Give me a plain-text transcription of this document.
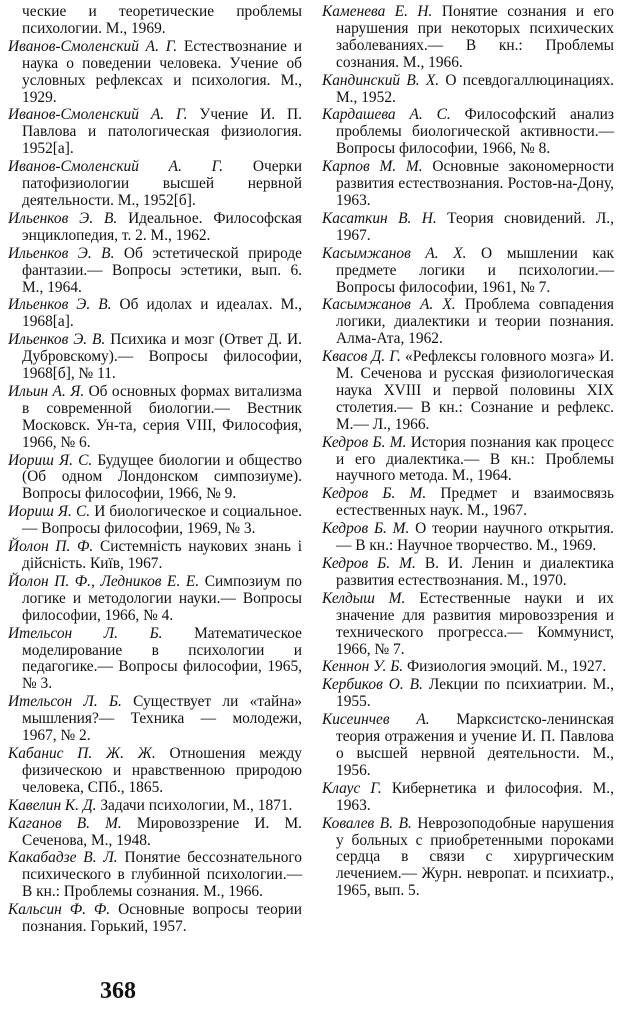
ческие и теоретические проблемы психологии. М., 1969.
Иванов-Смоленский А. Г. Естествознание и наука о поведении человека. Учение об условных рефлексах и психология. М., 1929.
Иванов-Смоленский А. Г. Учение И. П. Павлова и патологическая физиология. 1952[а].
Иванов-Смоленский А. Г. Очерки патофизиологии высшей нервной деятельности. М., 1952[б].
Ильенков Э. В. Идеальное. Философская энциклопедия, т. 2. М., 1962.
Ильенков Э. В. Об эстетической природе фантазии.— Вопросы эстетики, вып. 6. М., 1964.
Ильенков Э. В. Об идолах и идеалах. М., 1968[а].
Ильенков Э. В. Психика и мозг (Ответ Д. И. Дубровскому).— Вопросы философии, 1968[б], № 11.
Ильин А. Я. Об основных формах витализма в современной биологии.— Вестник Московск. Ун-та, серия VIII, Философия, 1966, № 6.
Иориш Я. С. Будущее биологии и общество (Об одном Лондонском симпозиуме). Вопросы философии, 1966, № 9.
Иориш Я. С. И биологическое и социальное.— Вопросы философии, 1969, № 3.
Йолон П. Ф. Системність наукових знань і дійсність. Київ, 1967.
Йолон П. Ф., Ледников Е. Е. Симпозиум по логике и методологии науки.— Вопросы философии, 1966, № 4.
Ительсон Л. Б. Математическое моделирование в психологии и педагогике.— Вопросы философии, 1965, № 3.
Ительсон Л. Б. Существует ли «тайна» мышления?— Техника — молодежи, 1967, № 2.
Кабанис П. Ж. Ж. Отношения между физическою и нравственною природою человека, СПб., 1865.
Кавелин К. Д. Задачи психологии, М., 1871.
Каганов В. М. Мировоззрение И. М. Сеченова, М., 1948.
Какабадзе В. Л. Понятие бессознательного психического в глубинной психологии.— В кн.: Проблемы сознания. М., 1966.
Кальсин Ф. Ф. Основные вопросы теории познания. Горький, 1957.
Каменева Е. Н. Понятие сознания и его нарушения при некоторых психических заболеваниях.— В кн.: Проблемы сознания. М., 1966.
Кандинский В. Х. О псевдогаллюцинациях. М., 1952.
Кардашева А. С. Философский анализ проблемы биологической активности.— Вопросы философии, 1966, № 8.
Карпов М. М. Основные закономерности развития естествознания. Ростов-на-Дону, 1963.
Касаткин В. Н. Теория сновидений. Л., 1967.
Касымжанов А. Х. О мышлении как предмете логики и психологии.— Вопросы философии, 1961, № 7.
Касымжанов А. Х. Проблема совпадения логики, диалектики и теории познания. Алма-Ата, 1962.
Квасов Д. Г. «Рефлексы головного мозга» И. М. Сеченова и русская физиологическая наука XVIII и первой половины XIX столетия.— В кн.: Сознание и рефлекс. М.— Л., 1966.
Кедров Б. М. История познания как процесс и его диалектика.— В кн.: Проблемы научного метода. М., 1964.
Кедров Б. М. Предмет и взаимосвязь естественных наук. М., 1967.
Кедров Б. М. О теории научного открытия.— В кн.: Научное творчество. М., 1969.
Кедров Б. М. В. И. Ленин и диалектика развития естествознания. М., 1970.
Келдыш М. Естественные науки и их значение для развития мировоззрения и технического прогресса.— Коммунист, 1966, № 7.
Кеннон У. Б. Физиология эмоций. М., 1927.
Кербиков О. В. Лекции по психиатрии. М., 1955.
Кисеинчев А. Марксистско-ленинская теория отражения и учение И. П. Павлова о высшей нервной деятельности. М., 1956.
Клаус Г. Кибернетика и философия. М., 1963.
Ковалев В. В. Неврозоподобные нарушения у больных с приобретенными пороками сердца в связи с хирургическим лечением.— Журн. невропат. и психиатр., 1965, вып. 5.
368
